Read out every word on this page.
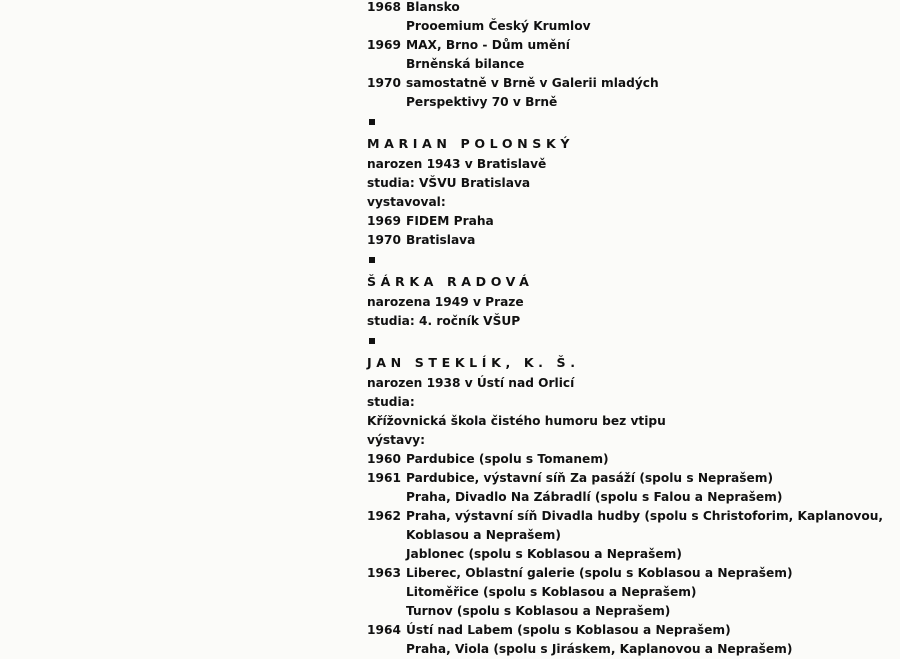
1968 Blansko
Prooemium Český Krumlov
1969 MAX, Brno - Dům umění
Brněnská bilance
1970 samostatně v Brně v Galerii mladých
Perspektivy 70 v Brně
MARIAN POLONSKÝ
narozen 1943 v Bratislavě
studia: VŠVU Bratislava
vystavoval:
1969 FIDEM Praha
1970 Bratislava
ŠÁRKA RADOVÁ
narozena 1949 v Praze
studia: 4. ročník VŠUP
JAN STEKLÍK, K. Š.
narozen 1938 v Ústí nad Orlicí
studia:
Křížovnická škola čistého humoru bez vtipu
výstavy:
1960 Pardubice (spolu s Tomanem)
1961 Pardubice, výstavní síň Za pasáží (spolu s Neprašem)
Praha, Divadlo Na Zábradlí (spolu s Falou a Neprašem)
1962 Praha, výstavní síň Divadla hudby (spolu s Christoforim, Kaplanovou,
Koblasou a Neprašem)
Jablonec (spolu s Koblasou a Neprašem)
1963 Liberec, Oblastní galerie (spolu s Koblasou a Neprašem)
Litoměřice (spolu s Koblasou a Neprašem)
Turnov (spolu s Koblasou a Neprašem)
1964 Ústí nad Labem (spolu s Koblasou a Neprašem)
Praha, Viola (spolu s Jiráskem, Kaplanovou a Neprašem)
